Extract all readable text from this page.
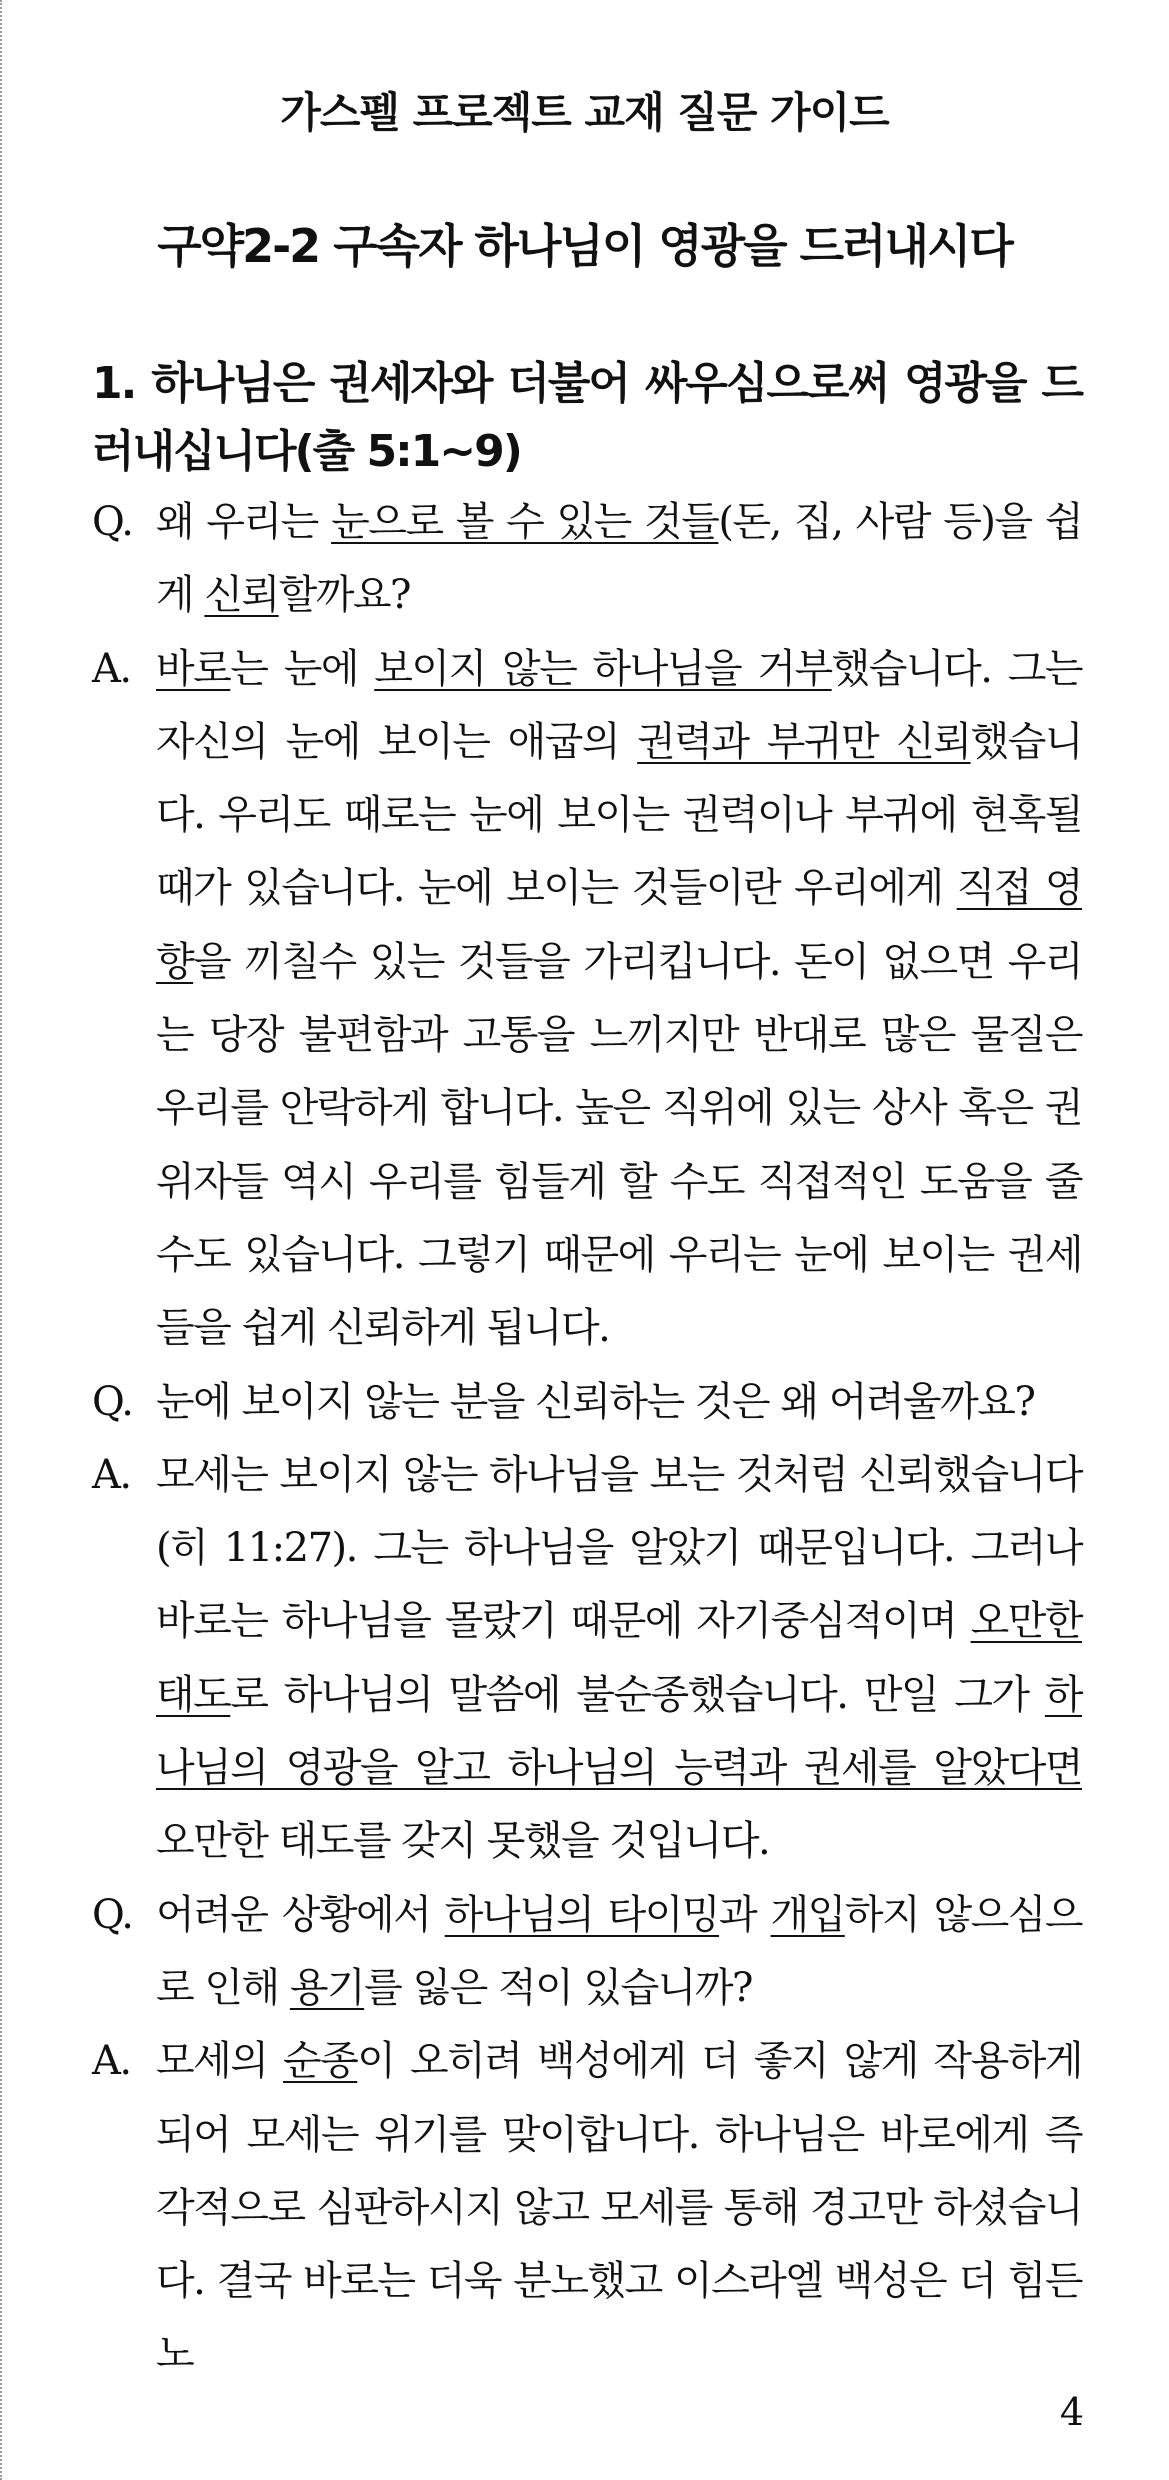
가스펠 프로젝트 교재 질문 가이드
구약2-2 구속자 하나님이 영광을 드러내시다
1. 하나님은 권세자와 더불어 싸우심으로써 영광을 드러내십니다(출 5:1~9)
Q. 왜 우리는 눈으로 볼 수 있는 것들(돈, 집, 사람 등)을 쉽게 신뢰할까요?
A. 바로는 눈에 보이지 않는 하나님을 거부했습니다. 그는 자신의 눈에 보이는 애굽의 권력과 부귀만 신뢰했습니다. 우리도 때로는 눈에 보이는 권력이나 부귀에 현혹될 때가 있습니다. 눈에 보이는 것들이란 우리에게 직접 영향을 끼칠수 있는 것들을 가리킵니다. 돈이 없으면 우리는 당장 불편함과 고통을 느끼지만 반대로 많은 물질은 우리를 안락하게 합니다. 높은 직위에 있는 상사 혹은 권위자들 역시 우리를 힘들게 할 수도 직접적인 도움을 줄 수도 있습니다. 그렇기 때문에 우리는 눈에 보이는 권세들을 쉽게 신뢰하게 됩니다.
Q. 눈에 보이지 않는 분을 신뢰하는 것은 왜 어려울까요?
A. 모세는 보이지 않는 하나님을 보는 것처럼 신뢰했습니다(히 11:27). 그는 하나님을 알았기 때문입니다. 그러나 바로는 하나님을 몰랐기 때문에 자기중심적이며 오만한 태도로 하나님의 말씀에 불순종했습니다. 만일 그가 하나님의 영광을 알고 하나님의 능력과 권세를 알았다면 오만한 태도를 갖지 못했을 것입니다.
Q. 어려운 상황에서 하나님의 타이밍과 개입하지 않으심으로 인해 용기를 잃은 적이 있습니까?
A. 모세의 순종이 오히려 백성에게 더 좋지 않게 작용하게 되어 모세는 위기를 맞이합니다. 하나님은 바로에게 즉각적으로 심판하시지 않고 모세를 통해 경고만 하셨습니다. 결국 바로는 더욱 분노했고 이스라엘 백성은 더 힘든 노
4
